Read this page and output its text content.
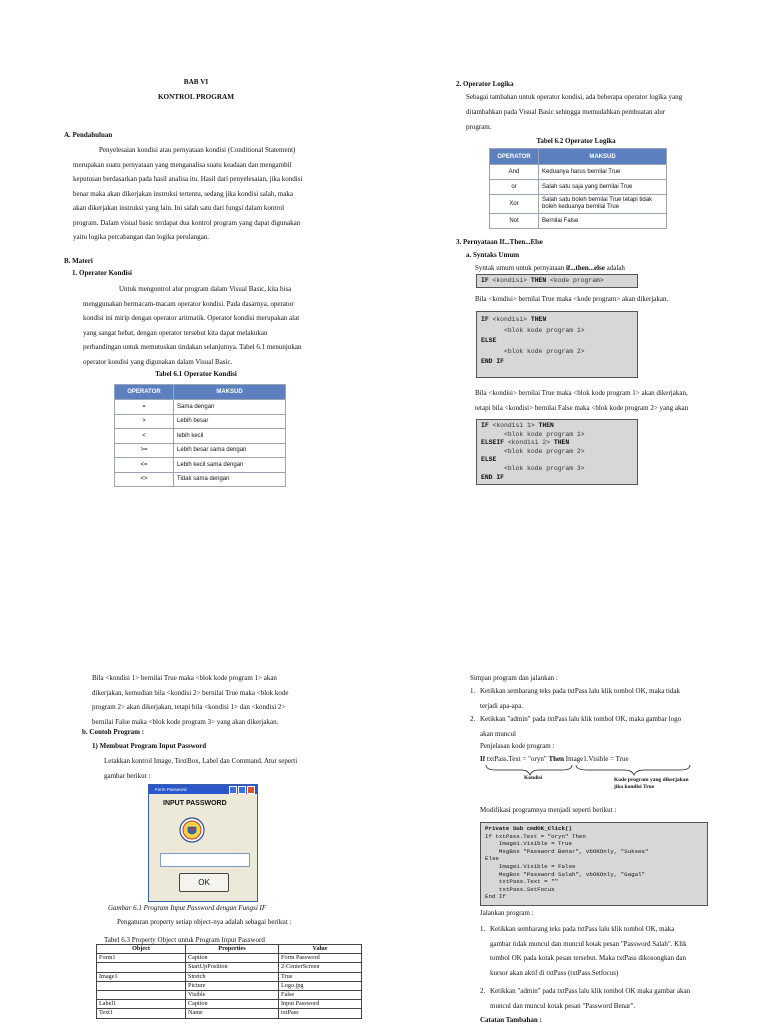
BAB VI
KONTROL PROGRAM
A. Pendahuluan
Penyelesaian kondisi atau pernyataan kondisi (Conditional Statement)
merupakan suatu pernyataan yang menganalisa suatu keadaan dan mengambil
keputusan berdasarkan pada hasil analisa itu. Hasil dari penyelesaian, jika kondisi
benar maka akan dikerjakan instruksi tertentu, sedang jika kondisi salah, maka
akan dikerjakan instruksi yang lain. Ini salah satu dari fungsi dalam kontrol
program. Dalam visual basic terdapat dua kontrol program yang dapat digunakan
yaitu logika percabangan dan logika perulangan.
B. Materi
1. Operator Kondisi
Untuk mengontrol alur program dalam Visual Basic, kita bisa
menggunakan bermacam-macam operator kondisi. Pada dasarnya, operator
kondisi ini mirip dengan operator aritmatik. Operator kondisi merupakan alat
yang sangat hebat, dengan operator tersebut kita dapat melakukan
perbandingan untuk memutuskan tindakan selanjutnya. Tabel 6.1 menunjukan
operator kondisi yang digunakan dalam Visual Basic.
Tabel 6.1 Operator Kondisi
OPERATOR	MAKSUD
=	Sama dengan
>	Lebih besar
<	lebih kecil
>=	Lebih besar sama dengan
<=	Lebih kecil sama dengan
<>	Tidak sama dengan
2. Operator Logika
Sebagai tambahan untuk operator kondisi, ada beberapa operator logika yang
ditambahkan pada Visual Basic sehingga memudahkan pembuatan alur
program.
Tabel 6.2 Operator Logika
OPERATOR	MAKSUD
And	Keduanya harus bernilai True
or	Salah satu saja yang bernilai True
Xor	Salah satu boleh bernilai True tetapi tidak boleh keduanya bernilai True
Not	Bernilai False
3. Pernyataan If...Then...Else
a. Syntaks Umum
Syntak umum untuk pernyataan if...then...else adalah
IF <kondisi> THEN <kode program>
Bila <kondisi> bernilai True maka <kode program> akan dikerjakan.
IF <kondisi> THEN
<blok kode program 1>
ELSE
<blok kode program 2>
END IF
Bila <kondisi> bernilai True maka <blok kode program 1> akan dikerjakan,
tetapi bila <kondisi> bernilai False maka <blok kode program 2> yang akan
IF <kondisi 1> THEN
<blok kode program 1>
ELSEIF <kondisi 2> THEN
<blok kode program 2>
ELSE
<blok kode program 3>
END IF
Bila <kondisi 1> bernilai True maka <blok kode program 1> akan
dikerjakan, kemudian bila <kondisi 2> bernilai True maka <blok kode
program 2> akan dikerjakan, tetapi bila <kondisi 1> dan <kondisi 2>
bernilai False maka <blok kode program 3> yang akan dikerjakan.
b. Contoh Program :
1) Membuat Program Input Password
Letakkan kontrol Image, TextBox, Label dan Command. Atur seperti
gambar berikut :
Form Password
INPUT PASSWORD
OK
Gambar 6.1 Program Input Password dengan Fungsi IF
Pengaturan property setiap object-nya adalah sebagai berikut :
Tabel 6.3 Property Object untuk Program Input Password
Object	Properties	Value
Form1	Caption	Form Password
	StartUpPosition	2-CenterScreen
Image1	Stretch	True
	Picture	Logo.jpg
	Visible	False
Label1	Caption	Input Password
Text1	Name	txtPass
Simpan program dan jalankan :
1. Ketikkan sembarang teks pada txtPass lalu klik tombol OK, maka tidak
terjadi apa-apa.
2. Ketikkan "admin" pada txtPass lalu klik tombol OK, maka gambar logo
akan muncul
Penjelasan kode program :
If txtPass.Text = "oryn" Then Image1.Visible = True
Kondisi	Kode program yang dikerjakan
jika kondisi True
Modifikasi programnya menjadi seperti berikut :
Private Sub cmdOK_Click()
If txtPass.Text = "oryn" Then
Image1.Visible = True
MsgBox "Password Benar", vbOKOnly, "Sukses"
Else
Image1.Visible = False
MsgBox "Password Salah", vbOKOnly, "Gagal"
txtPass.Text = ""
txtPass.SetFocus
End If
Jalankan program :
1. Ketikkan sembarang teks pada txtPass lalu klik tombol OK, maka
gambar tidak muncul dan muncul kotak pesan "Password Salah". Klik
tombol OK pada kotak pesan tersebut. Maka txtPass dikosongkan dan
kursor akan aktif di txtPass (txtPass.Setfocus)
2. Ketikkan "admin" pada txtPass lalu klik tombol OK maka gambar akan
muncul dan muncul kotak pesan "Password Benar".
Catatan Tambahan :
